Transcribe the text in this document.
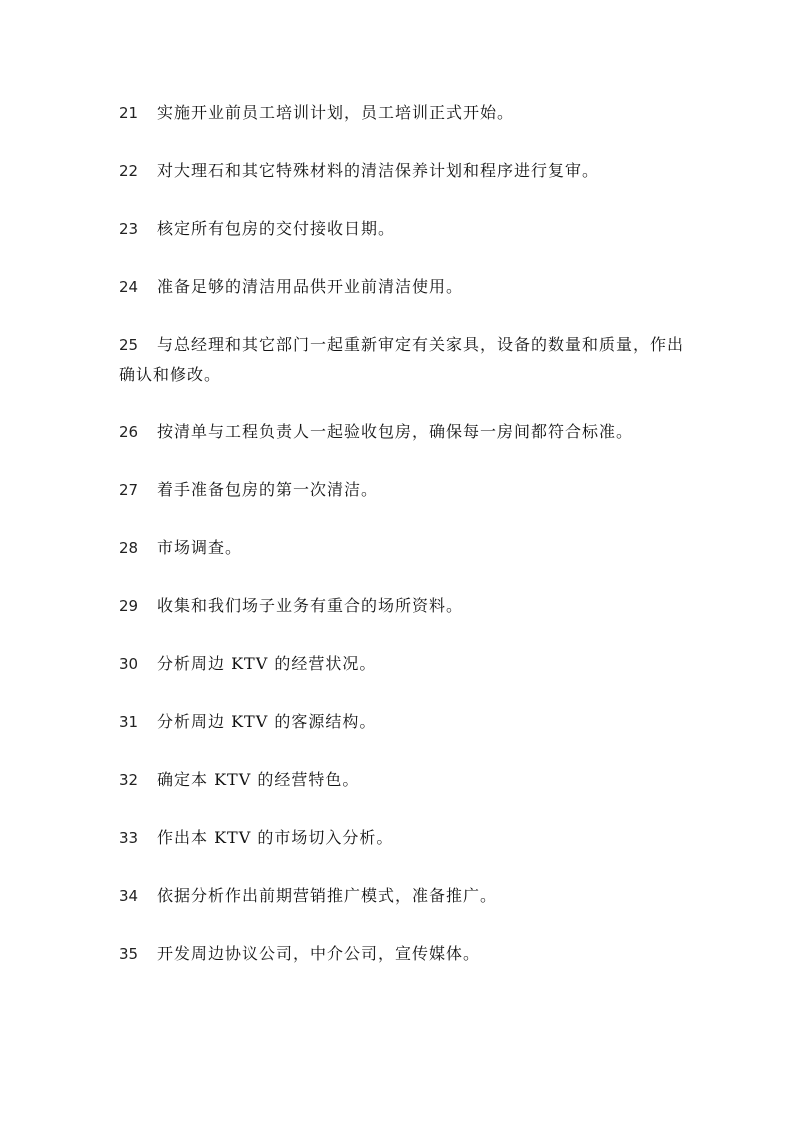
21 实施开业前员工培训计划，员工培训正式开始。

22 对大理石和其它特殊材料的清洁保养计划和程序进行复审。

23 核定所有包房的交付接收日期。

24 准备足够的清洁用品供开业前清洁使用。

25 与总经理和其它部门一起重新审定有关家具，设备的数量和质量，作出确认和修改。

26 按清单与工程负责人一起验收包房，确保每一房间都符合标准。

27 着手准备包房的第一次清洁。

28 市场调查。

29 收集和我们场子业务有重合的场所资料。

30 分析周边 KTV 的经营状况。

31 分析周边 KTV 的客源结构。

32 确定本 KTV 的经营特色。

33 作出本 KTV 的市场切入分析。

34 依据分析作出前期营销推广模式，准备推广。

35 开发周边协议公司，中介公司，宣传媒体。
